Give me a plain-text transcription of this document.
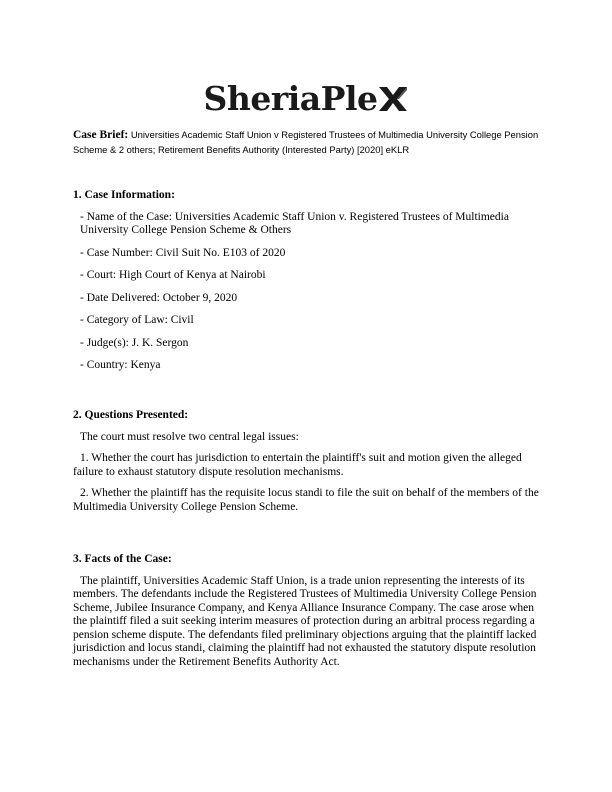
SheriaPle
Case Brief: Universities Academic Staff Union v Registered Trustees of Multimedia University College Pension Scheme & 2 others; Retirement Benefits Authority (Interested Party) [2020] eKLR

1. Case Information:

- Name of the Case: Universities Academic Staff Union v. Registered Trustees of Multimedia University College Pension Scheme & Others

- Case Number: Civil Suit No. E103 of 2020

- Court: High Court of Kenya at Nairobi

- Date Delivered: October 9, 2020

- Category of Law: Civil

- Judge(s): J. K. Sergon

- Country: Kenya

2. Questions Presented:

The court must resolve two central legal issues:

1. Whether the court has jurisdiction to entertain the plaintiff's suit and motion given the alleged failure to exhaust statutory dispute resolution mechanisms.

2. Whether the plaintiff has the requisite locus standi to file the suit on behalf of the members of the Multimedia University College Pension Scheme.

3. Facts of the Case:

The plaintiff, Universities Academic Staff Union, is a trade union representing the interests of its members. The defendants include the Registered Trustees of Multimedia University College Pension Scheme, Jubilee Insurance Company, and Kenya Alliance Insurance Company. The case arose when the plaintiff filed a suit seeking interim measures of protection during an arbitral process regarding a pension scheme dispute. The defendants filed preliminary objections arguing that the plaintiff lacked jurisdiction and locus standi, claiming the plaintiff had not exhausted the statutory dispute resolution mechanisms under the Retirement Benefits Authority Act.
